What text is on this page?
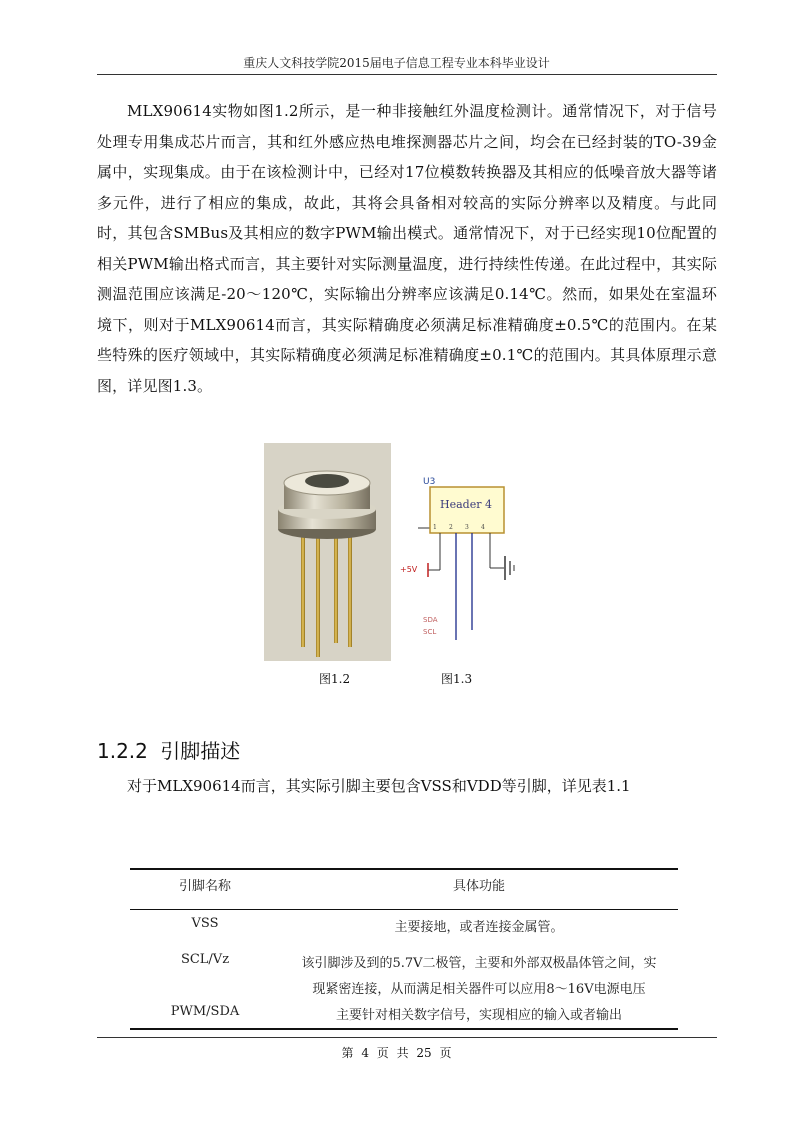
重庆人文科技学院2015届电子信息工程专业本科毕业设计

MLX90614实物如图1.2所示，是一种非接触红外温度检测计。通常情况下，对于信号处理专用集成芯片而言，其和红外感应热电堆探测器芯片之间，均会在已经封装的TO-39金属中，实现集成。由于在该检测计中，已经对17位模数转换器及其相应的低噪音放大器等诸多元件，进行了相应的集成，故此，其将会具备相对较高的实际分辨率以及精度。与此同时，其包含SMBus及其相应的数字PWM输出模式。通常情况下，对于已经实现10位配置的相关PWM输出格式而言，其主要针对实际测量温度，进行持续性传递。在此过程中，其实际测温范围应该满足-20～120℃，实际输出分辨率应该满足0.14℃。然而，如果处在室温环境下，则对于MLX90614而言，其实际精确度必须满足标准精确度±0.5℃的范围内。在某些特殊的医疗领域中，其实际精确度必须满足标准精确度±0.1℃的范围内。其具体原理示意图，详见图1.3。

U3
Header 4
1 2 3 4
+5V
SDA
SCL
图1.2	图1.3
1.2.2 引脚描述

对于MLX90614而言，其实际引脚主要包含VSS和VDD等引脚，详见表1.1

引脚名称	具体功能
VSS	主要接地，或者连接金属管。
SCL/Vz	该引脚涉及到的5.7V二极管，主要和外部双极晶体管之间，实
现紧密连接，从而满足相关器件可以应用8～16V电源电压
PWM/SDA	主要针对相关数字信号，实现相应的输入或者输出
第 4 页 共 25 页
